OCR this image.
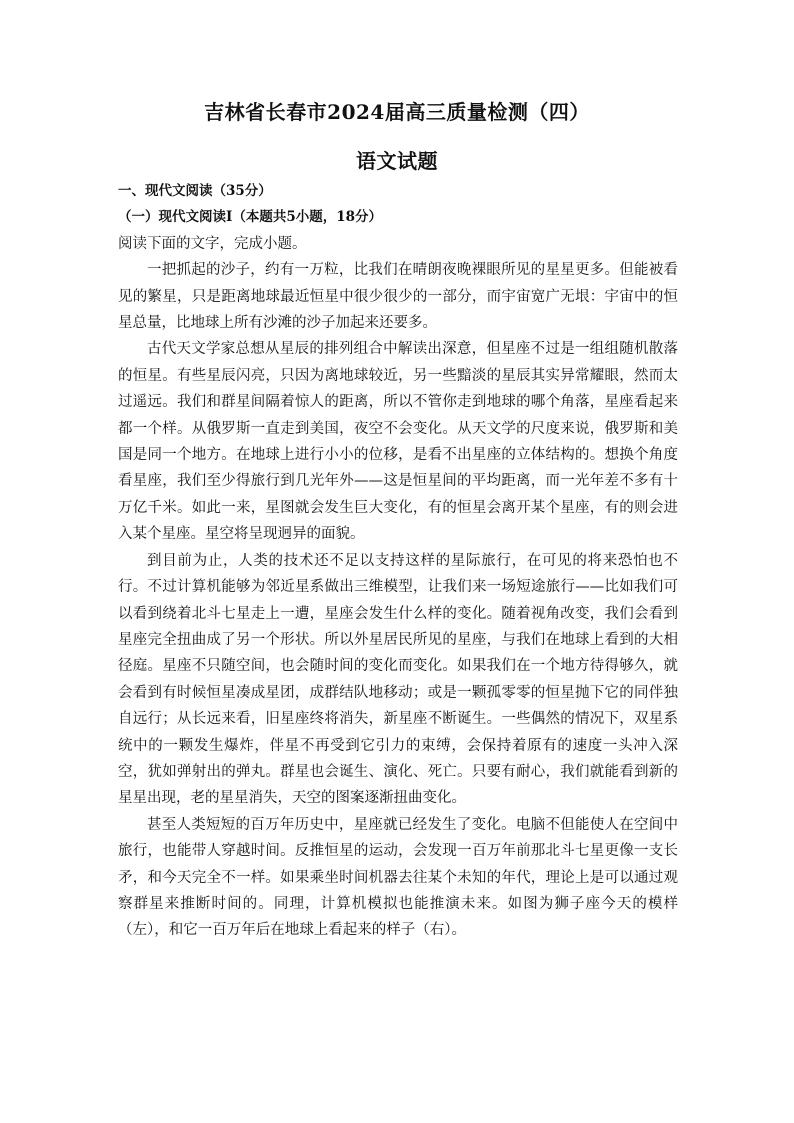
吉林省长春市2024届高三质量检测（四）
语文试题

一、现代文阅读（35分）

（一）现代文阅读I（本题共5小题，18分）

阅读下面的文字，完成小题。

一把抓起的沙子，约有一万粒，比我们在晴朗夜晚裸眼所见的星星更多。但能被看见的繁星，只是距离地球最近恒星中很少很少的一部分，而宇宙宽广无垠：宇宙中的恒星总量，比地球上所有沙滩的沙子加起来还要多。

古代天文学家总想从星辰的排列组合中解读出深意，但星座不过是一组组随机散落的恒星。有些星辰闪亮，只因为离地球较近，另一些黯淡的星辰其实异常耀眼，然而太过遥远。我们和群星间隔着惊人的距离，所以不管你走到地球的哪个角落，星座看起来都一个样。从俄罗斯一直走到美国，夜空不会变化。从天文学的尺度来说，俄罗斯和美国是同一个地方。在地球上进行小小的位移，是看不出星座的立体结构的。想换个角度看星座，我们至少得旅行到几光年外——这是恒星间的平均距离，而一光年差不多有十万亿千米。如此一来，星图就会发生巨大变化，有的恒星会离开某个星座，有的则会进入某个星座。星空将呈现迥异的面貌。

到目前为止，人类的技术还不足以支持这样的星际旅行，在可见的将来恐怕也不行。不过计算机能够为邻近星系做出三维模型，让我们来一场短途旅行——比如我们可以看到绕着北斗七星走上一遭，星座会发生什么样的变化。随着视角改变，我们会看到星座完全扭曲成了另一个形状。所以外星居民所见的星座，与我们在地球上看到的大相径庭。星座不只随空间，也会随时间的变化而变化。如果我们在一个地方待得够久，就会看到有时候恒星凑成星团，成群结队地移动；或是一颗孤零零的恒星抛下它的同伴独自远行；从长远来看，旧星座终将消失，新星座不断诞生。一些偶然的情况下，双星系统中的一颗发生爆炸，伴星不再受到它引力的束缚，会保持着原有的速度一头冲入深空，犹如弹射出的弹丸。群星也会诞生、演化、死亡。只要有耐心，我们就能看到新的星星出现，老的星星消失，天空的图案逐渐扭曲变化。

甚至人类短短的百万年历史中，星座就已经发生了变化。电脑不但能使人在空间中旅行，也能带人穿越时间。反推恒星的运动，会发现一百万年前那北斗七星更像一支长矛，和今天完全不一样。如果乘坐时间机器去往某个未知的年代，理论上是可以通过观察群星来推断时间的。同理，计算机模拟也能推演未来。如图为狮子座今天的模样（左），和它一百万年后在地球上看起来的样子（右）。
